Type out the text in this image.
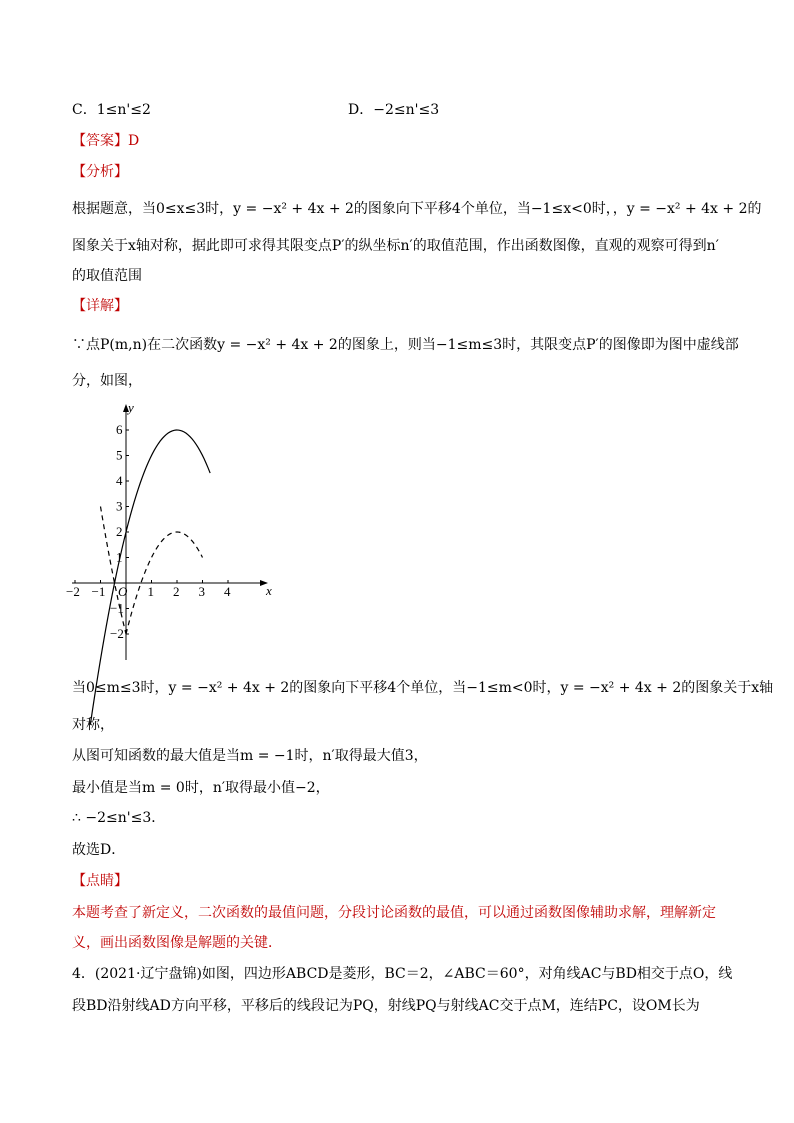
C．1≤n'≤2	D．−2≤n'≤3
【答案】D
【分析】
根据题意，当0≤x≤3时，y = −x² + 4x + 2的图象向下平移4个单位，当−1≤x<0时，，y = −x² + 4x + 2的
图象关于x轴对称，据此即可求得其限变点P′的纵坐标n′的取值范围，作出函数图像，直观的观察可得到n′
的取值范围
【详解】
∵点P(m,n)在二次函数y = −x² + 4x + 2的图象上，则当−1≤m≤3时，其限变点P′的图像即为图中虚线部
分，如图，
−2 −1	1 2 3 4
6
5
4
3
2
1
−1
−2
x
y
O
当0≤m≤3时，y = −x² + 4x + 2的图象向下平移4个单位，当−1≤m<0时，y = −x² + 4x + 2的图象关于x轴
对称，
从图可知函数的最大值是当m = −1时，n′取得最大值3，
最小值是当m = 0时，n′取得最小值−2，
∴ −2≤n'≤3．
故选D．
【点睛】
本题考查了新定义，二次函数的最值问题，分段讨论函数的最值，可以通过函数图像辅助求解，理解新定
义，画出函数图像是解题的关键．
4．(2021·辽宁盘锦)如图，四边形ABCD是菱形，BC＝2，∠ABC＝60°，对角线AC与BD相交于点O，线
段BD沿射线AD方向平移，平移后的线段记为PQ，射线PQ与射线AC交于点M，连结PC，设OM长为
